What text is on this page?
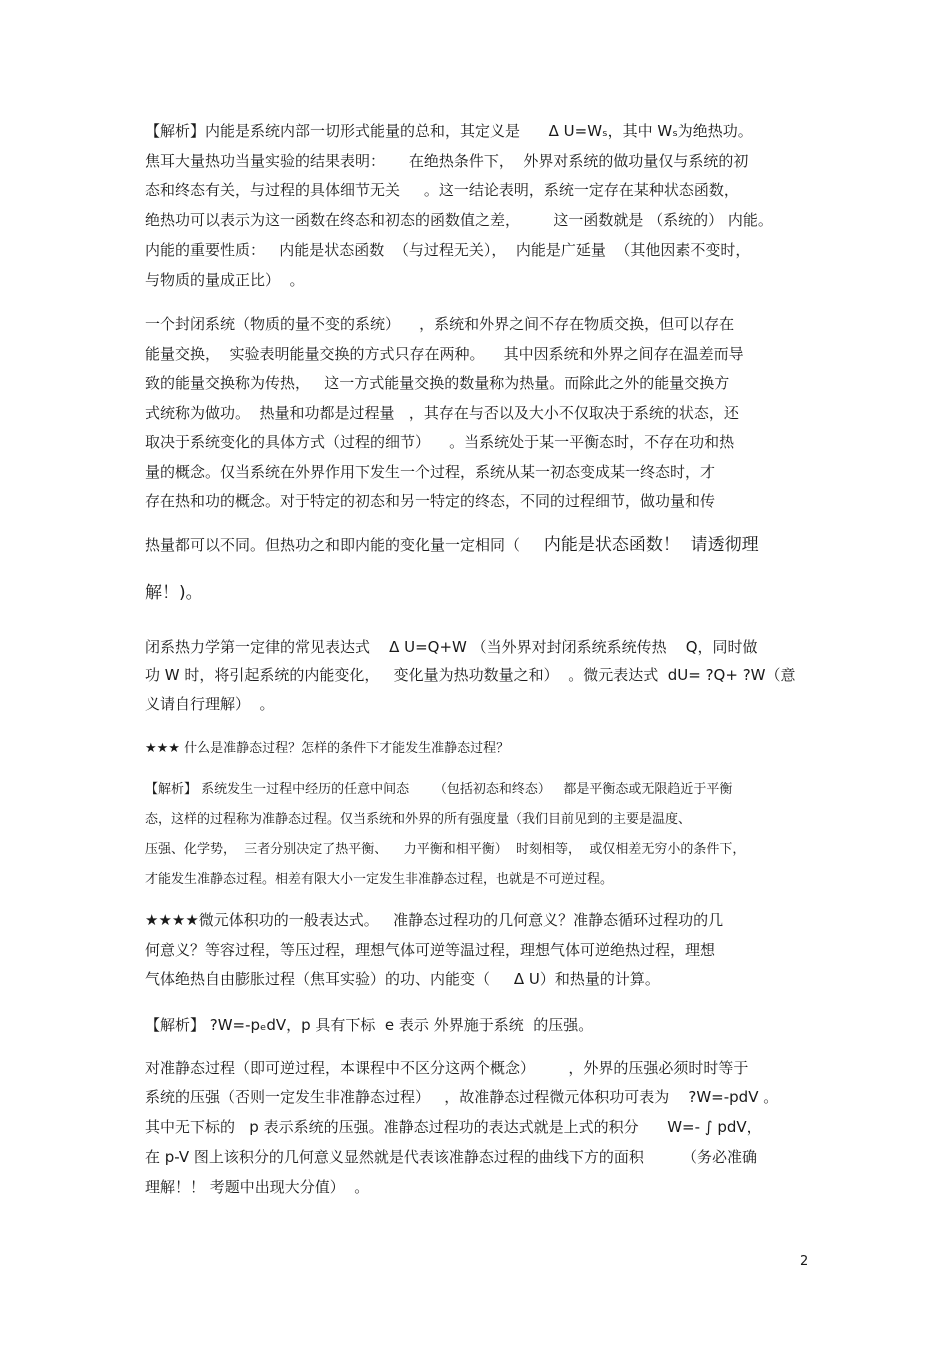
【解析】内能是系统内部一切形式能量的总和，其定义是      Δ U=Wₛ，其中 Wₛ为绝热功。
焦耳大量热功当量实验的结果表明：     在绝热条件下，  外界对系统的做功量仅与系统的初
态和终态有关，与过程的具体细节无关     。这一结论表明，系统一定存在某种状态函数，
绝热功可以表示为这一函数在终态和初态的函数值之差，       这一函数就是 （系统的） 内能。
内能的重要性质：   内能是状态函数  （与过程无关），  内能是广延量  （其他因素不变时，
与物质的量成正比）  。
一个封闭系统（物质的量不变的系统）    ，系统和外界之间不存在物质交换，但可以存在
能量交换，  实验表明能量交换的方式只存在两种。    其中因系统和外界之间存在温差而导
致的能量交换称为传热，   这一方式能量交换的数量称为热量。而除此之外的能量交换方
式统称为做功。  热量和功都是过程量   ，其存在与否以及大小不仅取决于系统的状态，还
取决于系统变化的具体方式（过程的细节）    。当系统处于某一平衡态时，不存在功和热
量的概念。仅当系统在外界作用下发生一个过程，系统从某一初态变成某一终态时，才
存在热和功的概念。对于特定的初态和另一特定的终态，不同的过程细节，做功量和传
热量都可以不同。但热功之和即内能的变化量一定相同（     内能是状态函数！  请透彻理
解！)。
闭系热力学第一定律的常见表达式    Δ U=Q+W （当外界对封闭系统系统传热    Q，同时做
功 W 时，将引起系统的内能变化，   变化量为热功数量之和）  。微元表达式  dU= ?Q+ ?W（意
义请自行理解）  。
★★★ 什么是准静态过程？怎样的条件下才能发生准静态过程？
【解析】 系统发生一过程中经历的任意中间态      （包括初态和终态）   都是平衡态或无限趋近于平衡
态，这样的过程称为准静态过程。仅当系统和外界的所有强度量（我们目前见到的主要是温度、
压强、化学势，  三者分别决定了热平衡、    力平衡和相平衡）  时刻相等，  或仅相差无穷小的条件下，
才能发生准静态过程。相差有限大小一定发生非准静态过程，也就是不可逆过程。
★★★★微元体积功的一般表达式。   准静态过程功的几何意义？准静态循环过程功的几
何意义？等容过程，等压过程，理想气体可逆等温过程，理想气体可逆绝热过程，理想
气体绝热自由膨胀过程（焦耳实验）的功、内能变（     Δ U）和热量的计算。
【解析】 ?W=-pₑdV，p 具有下标  e 表示 外界施于系统  的压强。
对准静态过程（即可逆过程，本课程中不区分这两个概念）       ，外界的压强必须时时等于
系统的压强（否则一定发生非准静态过程）   ，故准静态过程微元体积功可表为    ?W=-pdV 。
其中无下标的   p 表示系统的压强。准静态过程功的表达式就是上式的积分      W=- ∫ pdV，
在 p-V 图上该积分的几何意义显然就是代表该准静态过程的曲线下方的面积        （务必准确
理解！！ 考题中出现大分值）  。
2
